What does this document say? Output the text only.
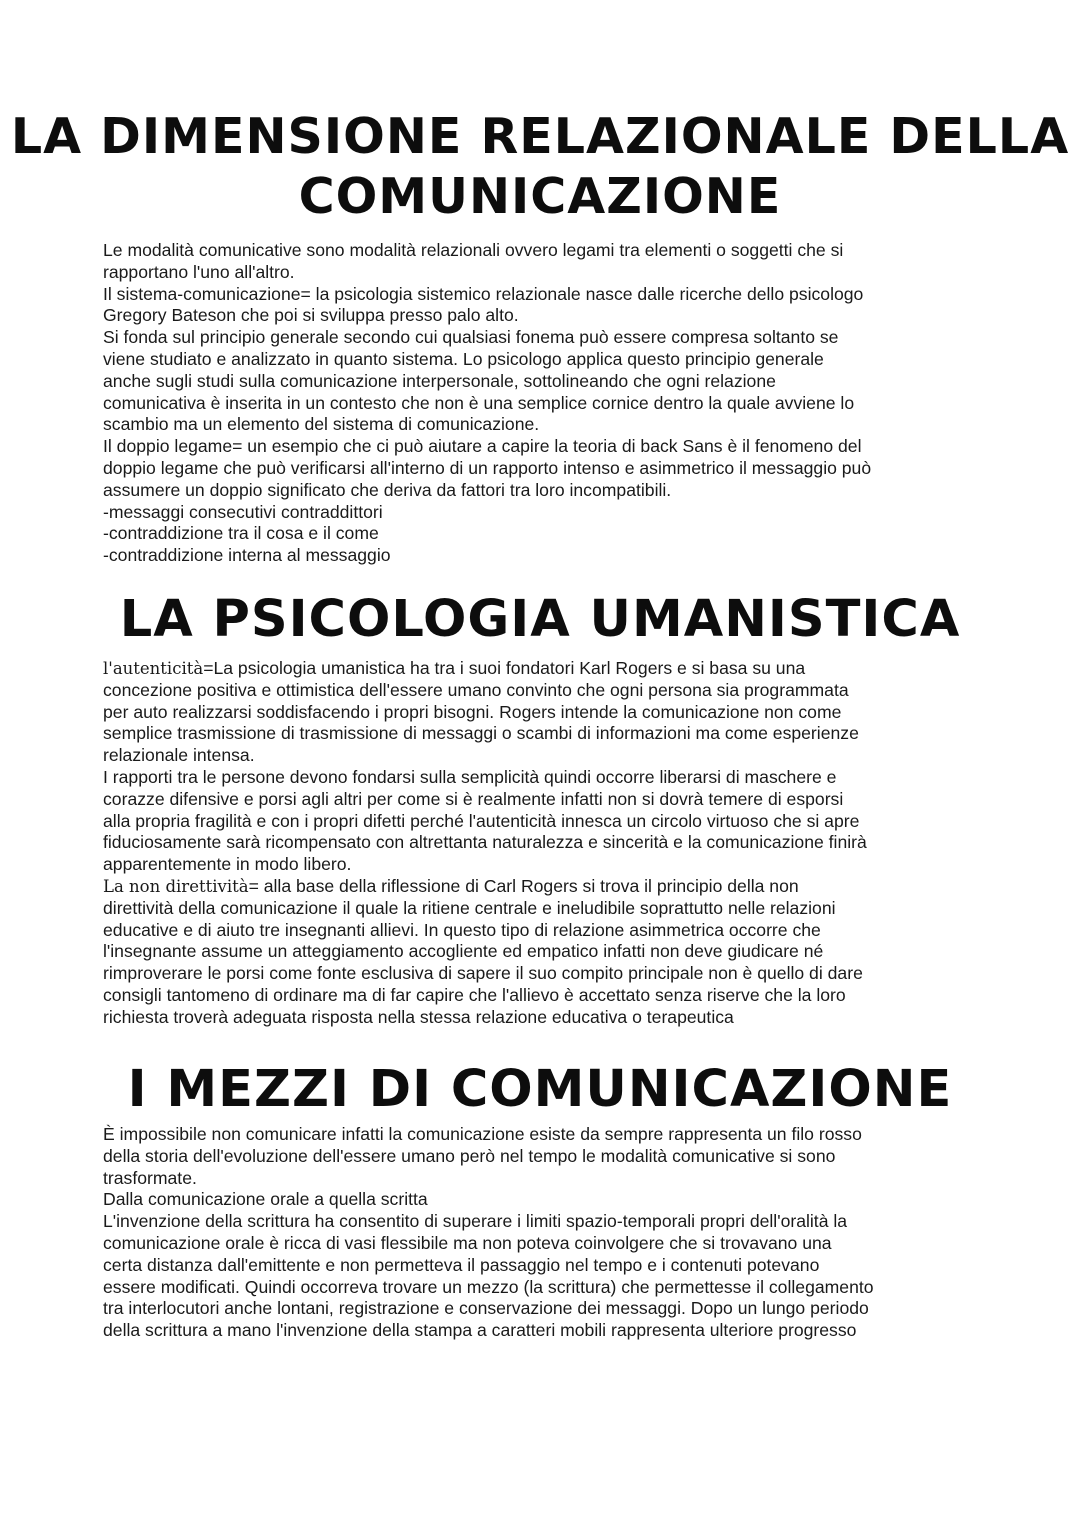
LA DIMENSIONE RELAZIONALE DELLA
COMUNICAZIONE
Le modalità comunicative sono modalità relazionali ovvero legami tra elementi o soggetti che si
rapportano l'uno all'altro.
Il sistema-comunicazione= la psicologia sistemico relazionale nasce dalle ricerche dello psicologo
Gregory Bateson che poi si sviluppa presso palo alto.
Si fonda sul principio generale secondo cui qualsiasi fonema può essere compresa soltanto se
viene studiato e analizzato in quanto sistema. Lo psicologo applica questo principio generale
anche sugli studi sulla comunicazione interpersonale, sottolineando che ogni relazione
comunicativa è inserita in un contesto che non è una semplice cornice dentro la quale avviene lo
scambio ma un elemento del sistema di comunicazione.
Il doppio legame= un esempio che ci può aiutare a capire la teoria di back Sans è il fenomeno del
doppio legame che può verificarsi all'interno di un rapporto intenso e asimmetrico il messaggio può
assumere un doppio significato che deriva da fattori tra loro incompatibili.
-messaggi consecutivi contraddittori
-contraddizione tra il cosa e il come
-contraddizione interna al messaggio
LA PSICOLOGIA UMANISTICA
l'autenticità=La psicologia umanistica ha tra i suoi fondatori Karl Rogers e si basa su una
concezione positiva e ottimistica dell'essere umano convinto che ogni persona sia programmata
per auto realizzarsi soddisfacendo i propri bisogni. Rogers intende la comunicazione non come
semplice trasmissione di trasmissione di messaggi o scambi di informazioni ma come esperienze
relazionale intensa.
I rapporti tra le persone devono fondarsi sulla semplicità quindi occorre liberarsi di maschere e
corazze difensive e porsi agli altri per come si è realmente infatti non si dovrà temere di esporsi
alla propria fragilità e con i propri difetti perché l'autenticità innesca un circolo virtuoso che si apre
fiduciosamente sarà ricompensato con altrettanta naturalezza e sincerità e la comunicazione finirà
apparentemente in modo libero.
La non direttività= alla base della riflessione di Carl Rogers si trova il principio della non
direttività della comunicazione il quale la ritiene centrale e ineludibile soprattutto nelle relazioni
educative e di aiuto tre insegnanti allievi. In questo tipo di relazione asimmetrica occorre che
l'insegnante assume un atteggiamento accogliente ed empatico infatti non deve giudicare né
rimproverare le porsi come fonte esclusiva di sapere il suo compito principale non è quello di dare
consigli tantomeno di ordinare ma di far capire che l'allievo è accettato senza riserve che la loro
richiesta troverà adeguata risposta nella stessa relazione educativa o terapeutica
I MEZZI DI COMUNICAZIONE
È impossibile non comunicare infatti la comunicazione esiste da sempre rappresenta un filo rosso
della storia dell'evoluzione dell'essere umano però nel tempo le modalità comunicative si sono
trasformate.
Dalla comunicazione orale a quella scritta
L'invenzione della scrittura ha consentito di superare i limiti spazio-temporali propri dell'oralità la
comunicazione orale è ricca di vasi flessibile ma non poteva coinvolgere che si trovavano una
certa distanza dall'emittente e non permetteva il passaggio nel tempo e i contenuti potevano
essere modificati. Quindi occorreva trovare un mezzo (la scrittura) che permettesse il collegamento
tra interlocutori anche lontani, registrazione e conservazione dei messaggi. Dopo un lungo periodo
della scrittura a mano l'invenzione della stampa a caratteri mobili rappresenta ulteriore progresso
